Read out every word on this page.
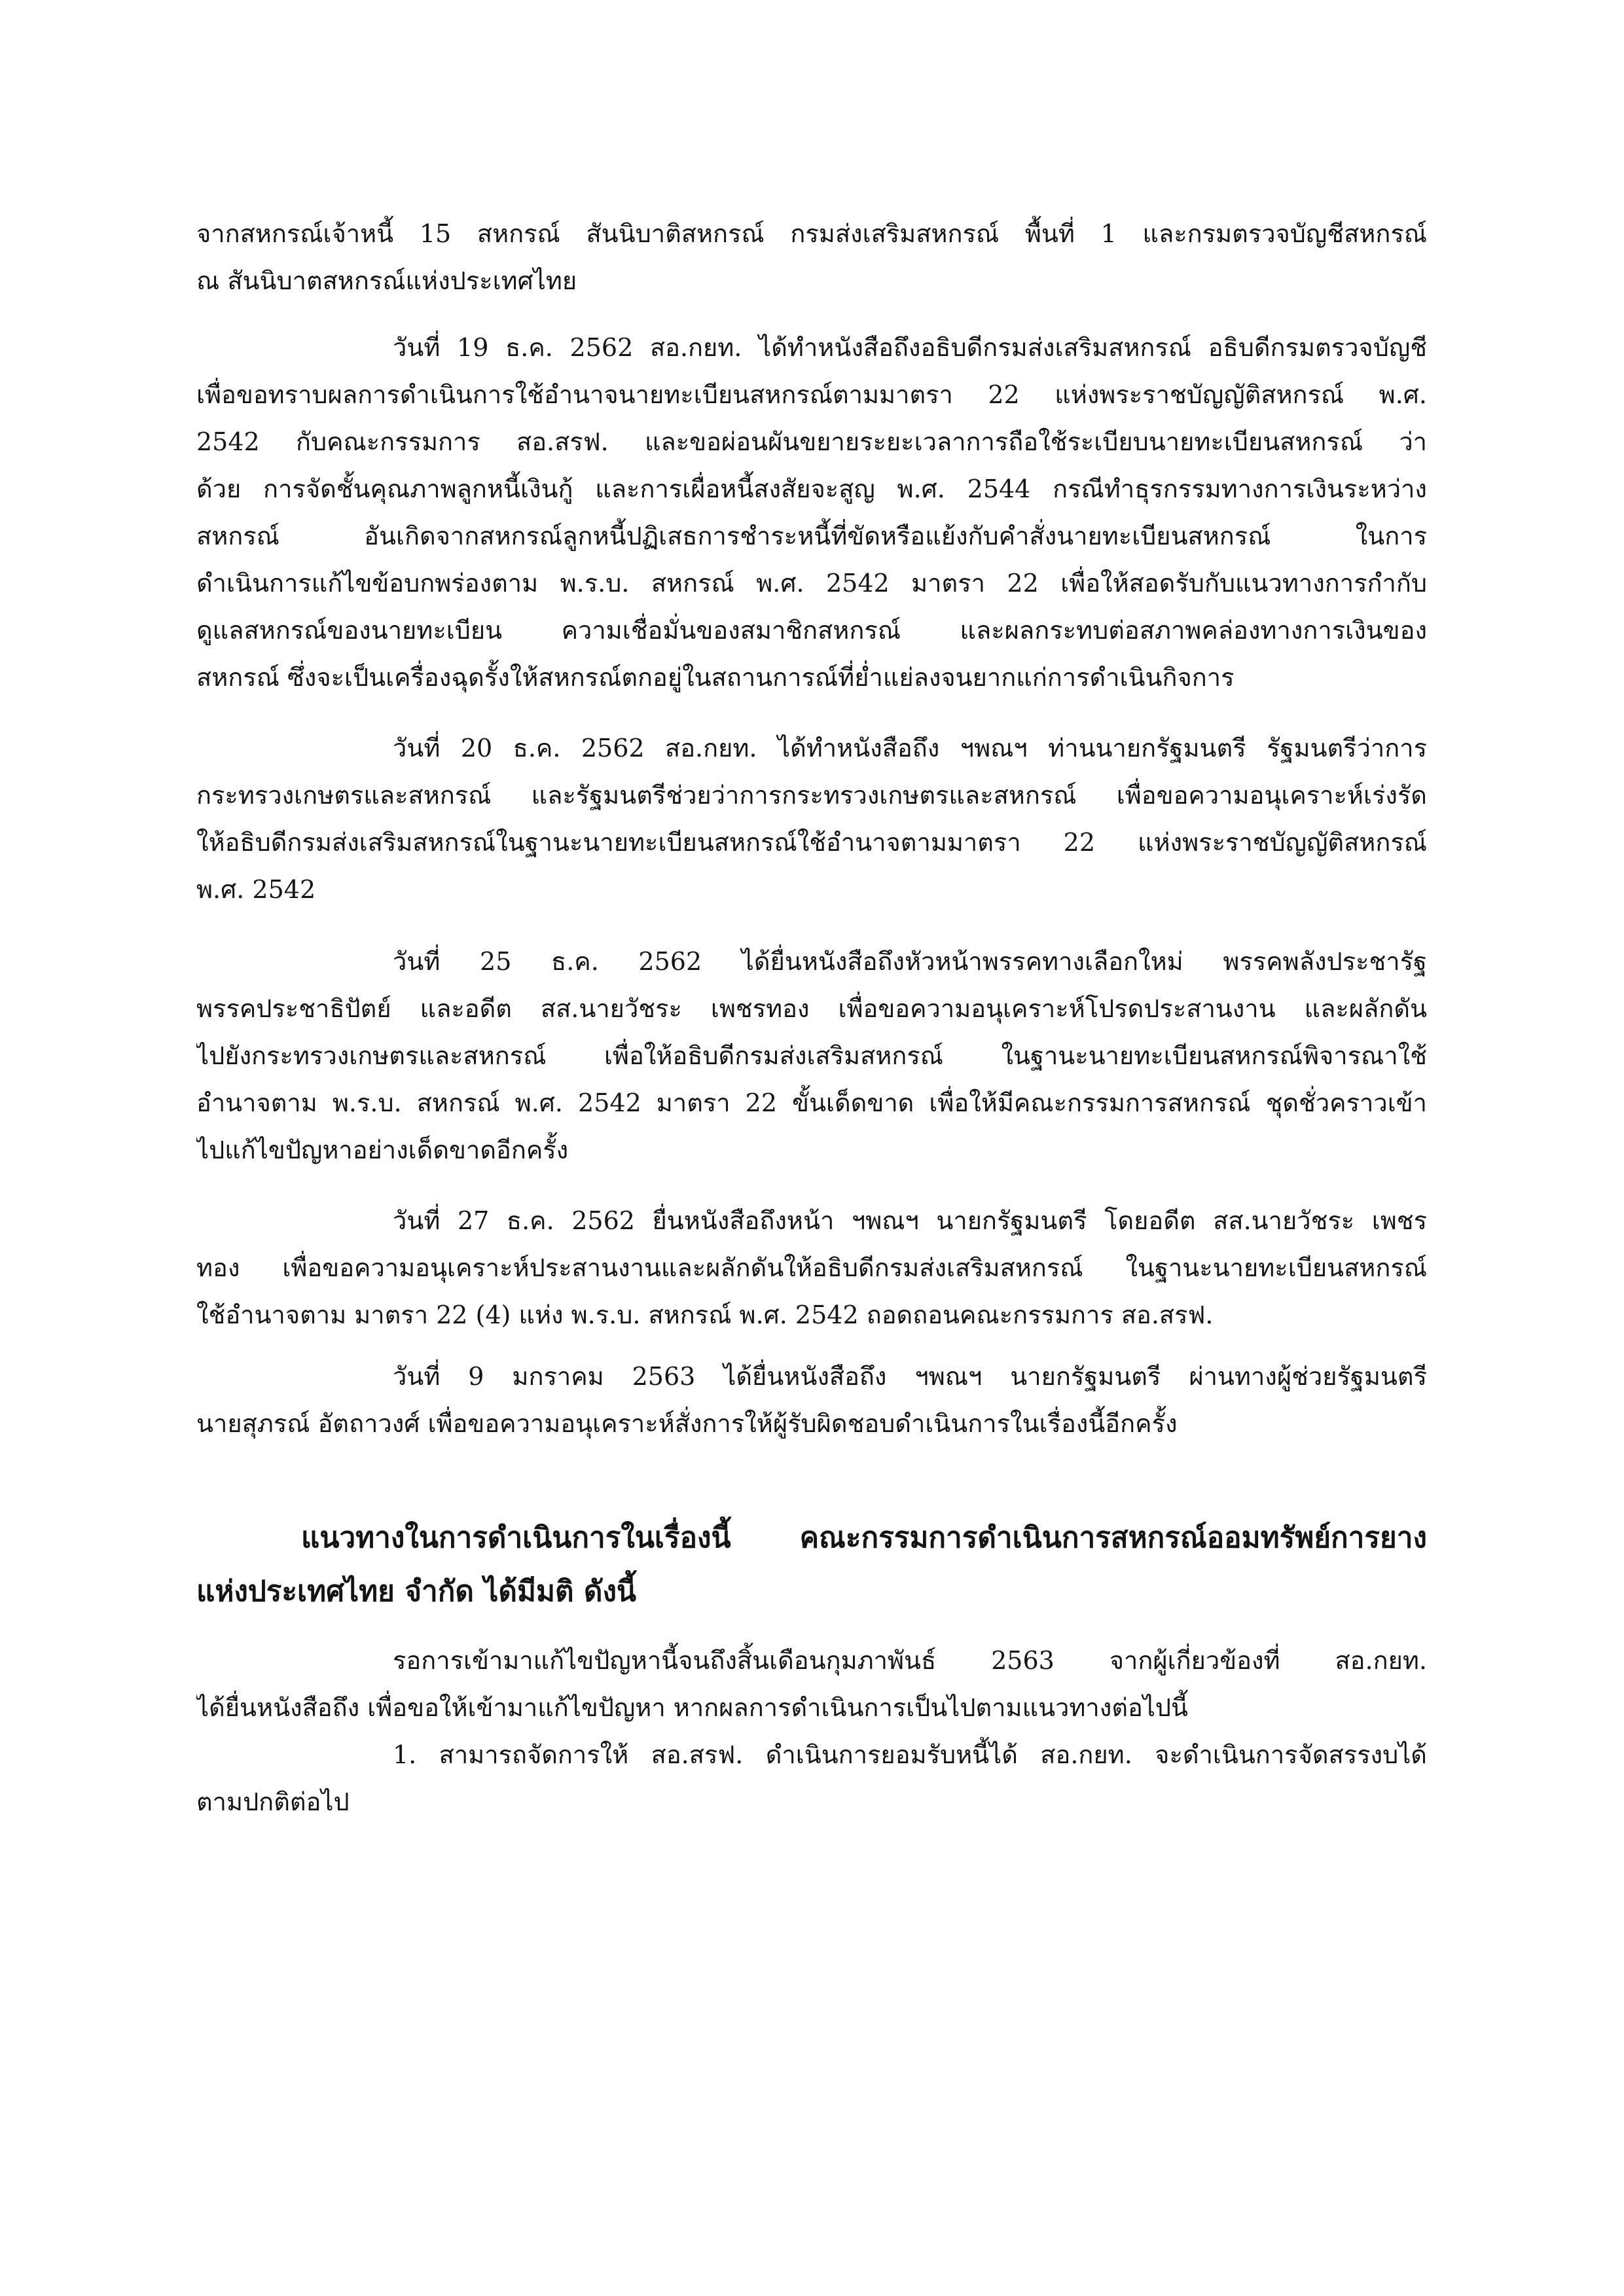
จากสหกรณ์เจ้าหนี้ 15 สหกรณ์ สันนิบาติสหกรณ์ กรมส่งเสริมสหกรณ์ พื้นที่ 1 และกรมตรวจบัญชีสหกรณ์
ณ สันนิบาตสหกรณ์แห่งประเทศไทย
วันที่ 19 ธ.ค. 2562 สอ.กยท. ได้ทำหนังสือถึงอธิบดีกรมส่งเสริมสหกรณ์ อธิบดีกรมตรวจบัญชี
เพื่อขอทราบผลการดำเนินการใช้อำนาจนายทะเบียนสหกรณ์ตามมาตรา 22 แห่งพระราชบัญญัติสหกรณ์ พ.ศ.
2542 กับคณะกรรมการ สอ.สรฟ. และขอผ่อนผันขยายระยะเวลาการถือใช้ระเบียบนายทะเบียนสหกรณ์ ว่า
ด้วย การจัดชั้นคุณภาพลูกหนี้เงินกู้ และการเผื่อหนี้สงสัยจะสูญ พ.ศ. 2544 กรณีทำธุรกรรมทางการเงินระหว่าง
สหกรณ์ อันเกิดจากสหกรณ์ลูกหนี้ปฏิเสธการชำระหนี้ที่ขัดหรือแย้งกับคำสั่งนายทะเบียนสหกรณ์ ในการ
ดำเนินการแก้ไขข้อบกพร่องตาม พ.ร.บ. สหกรณ์ พ.ศ. 2542 มาตรา 22 เพื่อให้สอดรับกับแนวทางการกำกับ
ดูแลสหกรณ์ของนายทะเบียน ความเชื่อมั่นของสมาชิกสหกรณ์ และผลกระทบต่อสภาพคล่องทางการเงินของ
สหกรณ์ ซึ่งจะเป็นเครื่องฉุดรั้งให้สหกรณ์ตกอยู่ในสถานการณ์ที่ย่ำแย่ลงจนยากแก่การดำเนินกิจการ
วันที่ 20 ธ.ค. 2562 สอ.กยท. ได้ทำหนังสือถึง ฯพณฯ ท่านนายกรัฐมนตรี รัฐมนตรีว่าการ
กระทรวงเกษตรและสหกรณ์ และรัฐมนตรีช่วยว่าการกระทรวงเกษตรและสหกรณ์ เพื่อขอความอนุเคราะห์เร่งรัด
ให้อธิบดีกรมส่งเสริมสหกรณ์ในฐานะนายทะเบียนสหกรณ์ใช้อำนาจตามมาตรา 22 แห่งพระราชบัญญัติสหกรณ์
พ.ศ. 2542
วันที่ 25 ธ.ค. 2562 ได้ยื่นหนังสือถึงหัวหน้าพรรคทางเลือกใหม่ พรรคพลังประชารัฐ
พรรคประชาธิปัตย์ และอดีต สส.นายวัชระ เพชรทอง เพื่อขอความอนุเคราะห์โปรดประสานงาน และผลักดัน
ไปยังกระทรวงเกษตรและสหกรณ์ เพื่อให้อธิบดีกรมส่งเสริมสหกรณ์ ในฐานะนายทะเบียนสหกรณ์พิจารณาใช้
อำนาจตาม พ.ร.บ. สหกรณ์ พ.ศ. 2542 มาตรา 22 ขั้นเด็ดขาด เพื่อให้มีคณะกรรมการสหกรณ์ ชุดชั่วคราวเข้า
ไปแก้ไขปัญหาอย่างเด็ดขาดอีกครั้ง
วันที่ 27 ธ.ค. 2562 ยื่นหนังสือถึงหน้า ฯพณฯ นายกรัฐมนตรี โดยอดีต สส.นายวัชระ เพชร
ทอง เพื่อขอความอนุเคราะห์ประสานงานและผลักดันให้อธิบดีกรมส่งเสริมสหกรณ์ ในฐานะนายทะเบียนสหกรณ์
ใช้อำนาจตาม มาตรา 22 (4) แห่ง พ.ร.บ. สหกรณ์ พ.ศ. 2542 ถอดถอนคณะกรรมการ สอ.สรฟ.
วันที่ 9 มกราคม 2563 ได้ยื่นหนังสือถึง ฯพณฯ นายกรัฐมนตรี ผ่านทางผู้ช่วยรัฐมนตรี
นายสุภรณ์ อัตถาวงศ์ เพื่อขอความอนุเคราะห์สั่งการให้ผู้รับผิดชอบดำเนินการในเรื่องนี้อีกครั้ง
แนวทางในการดำเนินการในเรื่องนี้ คณะกรรมการดำเนินการสหกรณ์ออมทรัพย์การยาง
แห่งประเทศไทย จำกัด ได้มีมติ ดังนี้
รอการเข้ามาแก้ไขปัญหานี้จนถึงสิ้นเดือนกุมภาพันธ์ 2563 จากผู้เกี่ยวข้องที่ สอ.กยท.
ได้ยื่นหนังสือถึง เพื่อขอให้เข้ามาแก้ไขปัญหา หากผลการดำเนินการเป็นไปตามแนวทางต่อไปนี้
1. สามารถจัดการให้ สอ.สรฟ. ดำเนินการยอมรับหนี้ได้ สอ.กยท. จะดำเนินการจัดสรรงบได้
ตามปกติต่อไป
